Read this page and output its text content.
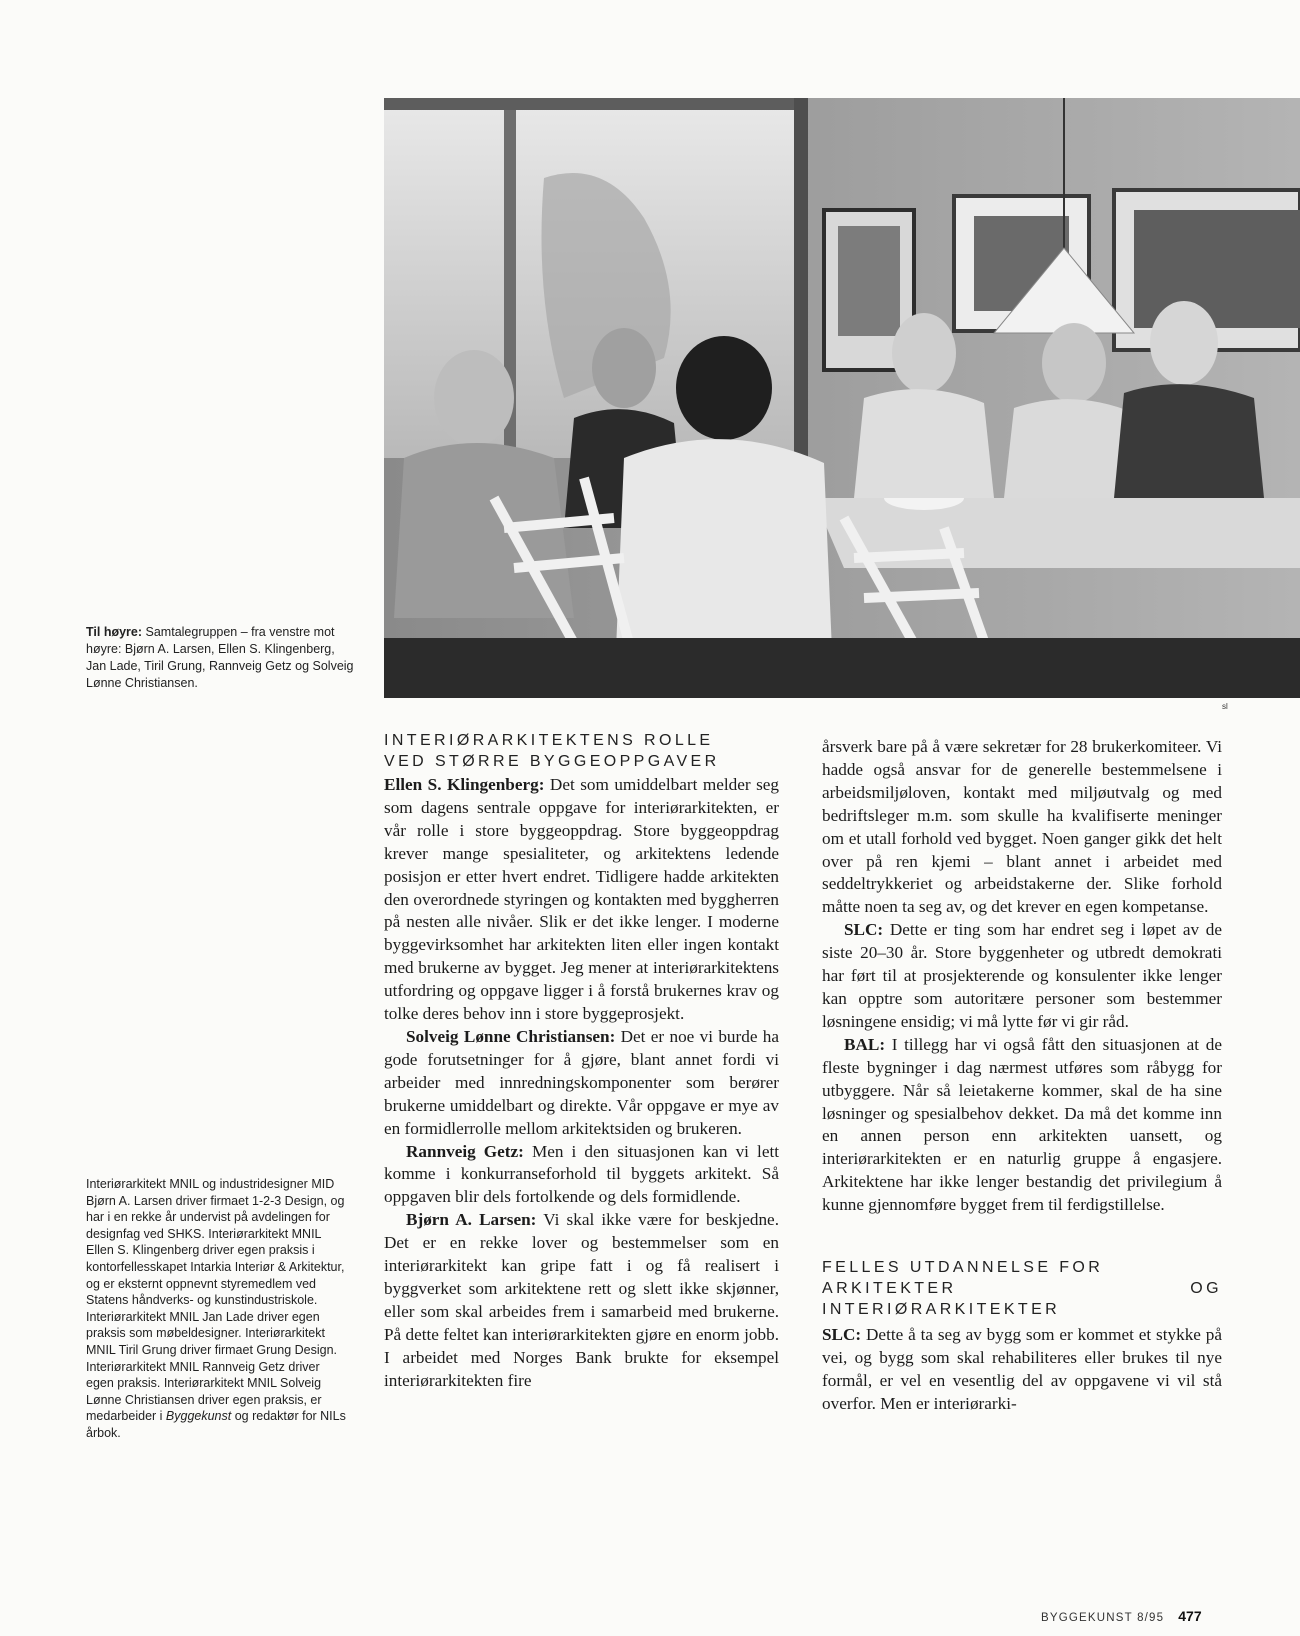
sl
Til høyre: Samtalegruppen – fra venstre mot høyre: Bjørn A. Larsen, Ellen S. Klingenberg, Jan Lade, Tiril Grung, Rannveig Getz og Solveig Lønne Christiansen.
Interiørarkitekt MNIL og industridesigner MID Bjørn A. Larsen driver firmaet 1-2-3 Design, og har i en rekke år undervist på avdelingen for designfag ved SHKS. Interiørarkitekt MNIL Ellen S. Klingenberg driver egen praksis i kontorfellesskapet Intarkia Interiør & Arkitektur, og er eksternt oppnevnt styremedlem ved Statens håndverks- og kunstindustriskole. Interiørarkitekt MNIL Jan Lade driver egen praksis som møbeldesigner. Interiørarkitekt MNIL Tiril Grung driver firmaet Grung Design. Interiørarkitekt MNIL Rannveig Getz driver egen praksis. Interiørarkitekt MNIL Solveig Lønne Christiansen driver egen praksis, er medarbeider i Byggekunst og redaktør for NILs årbok.
INTERIØRARKITEKTENS ROLLE
VED STØRRE BYGGEOPPGAVER

Ellen S. Klingenberg: Det som umiddelbart melder seg som dagens sentrale oppgave for interiørarkitekten, er vår rolle i store byggeoppdrag. Store byggeoppdrag krever mange spesialiteter, og arkitektens ledende posisjon er etter hvert endret. Tidligere hadde arkitekten den overordnede styringen og kontakten med byggherren på nesten alle nivåer. Slik er det ikke lenger. I moderne byggevirksomhet har arkitekten liten eller ingen kontakt med brukerne av bygget. Jeg mener at interiørarkitektens utfordring og oppgave ligger i å forstå brukernes krav og tolke deres behov inn i store byggeprosjekt.

Solveig Lønne Christiansen: Det er noe vi burde ha gode forutsetninger for å gjøre, blant annet fordi vi arbeider med innredningskomponenter som berører brukerne umiddelbart og direkte. Vår oppgave er mye av en formidlerrolle mellom arkitektsiden og brukeren.

Rannveig Getz: Men i den situasjonen kan vi lett komme i konkurranseforhold til byggets arkitekt. Så oppgaven blir dels fortolkende og dels formidlende.

Bjørn A. Larsen: Vi skal ikke være for beskjedne. Det er en rekke lover og bestemmelser som en interiørarkitekt kan gripe fatt i og få realisert i byggverket som arkitektene rett og slett ikke skjønner, eller som skal arbeides frem i samarbeid med brukerne. På dette feltet kan interiørarkitekten gjøre en enorm jobb. I arbeidet med Norges Bank brukte for eksempel interiørarkitekten fire

årsverk bare på å være sekretær for 28 brukerkomiteer. Vi hadde også ansvar for de generelle bestemmelsene i arbeidsmiljøloven, kontakt med miljøutvalg og med bedriftsleger m.m. som skulle ha kvalifiserte meninger om et utall forhold ved bygget. Noen ganger gikk det helt over på ren kjemi – blant annet i arbeidet med seddeltrykkeriet og arbeidstakerne der. Slike forhold måtte noen ta seg av, og det krever en egen kompetanse.

SLC: Dette er ting som har endret seg i løpet av de siste 20–30 år. Store byggenheter og utbredt demokrati har ført til at prosjekterende og konsulenter ikke lenger kan opptre som autoritære personer som bestemmer løsningene ensidig; vi må lytte før vi gir råd.

BAL: I tillegg har vi også fått den situasjonen at de fleste bygninger i dag nærmest utføres som råbygg for utbyggere. Når så leietakerne kommer, skal de ha sine løsninger og spesialbehov dekket. Da må det komme inn en annen person enn arkitekten uansett, og interiørarkitekten er en naturlig gruppe å engasjere. Arkitektene har ikke lenger bestandig det privilegium å kunne gjennomføre bygget frem til ferdigstillelse.

FELLES UTDANNELSE FOR
ARKITEKTER OG INTERIØRARKITEKTER

SLC: Dette å ta seg av bygg som er kommet et stykke på vei, og bygg som skal rehabiliteres eller brukes til nye formål, er vel en vesentlig del av oppgavene vi vil stå overfor. Men er interiørarki-

BYGGEKUNST 8/95 477
